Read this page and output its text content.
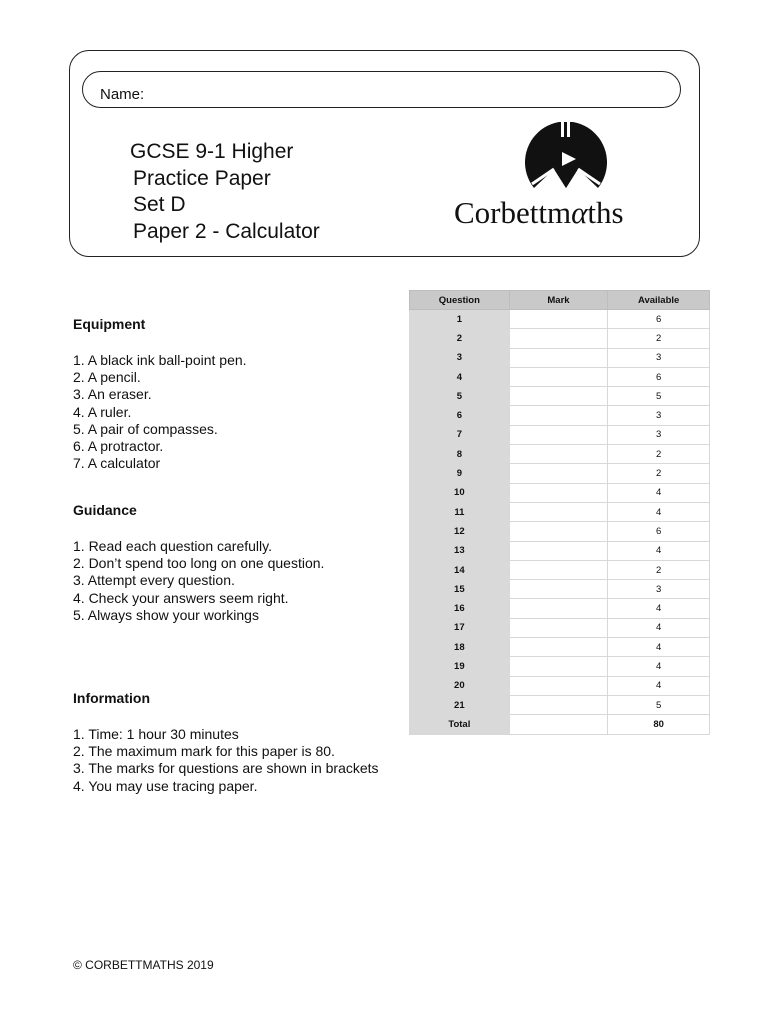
Name:
GCSE 9-1 Higher
Practice Paper
Set D
Paper 2 - Calculator
Corbettmαths
Equipment
1. A black ink ball-point pen.
2. A pencil.
3. An eraser.
4. A ruler.
5. A pair of compasses.
6. A protractor.
7. A calculator
Guidance
1. Read each question carefully.
2. Don’t spend too long on one question.
3. Attempt every question.
4. Check your answers seem right.
5. Always show your workings
Information
1. Time: 1 hour 30 minutes
2. The maximum mark for this paper is 80.
3. The marks for questions are shown in brackets
4. You may use tracing paper.
Question	Mark	Available
1		6
2		2
3		3
4		6
5		5
6		3
7		3
8		2
9		2
10		4
11		4
12		6
13		4
14		2
15		3
16		4
17		4
18		4
19		4
20		4
21		5
Total		80
© CORBETTMATHS 2019
